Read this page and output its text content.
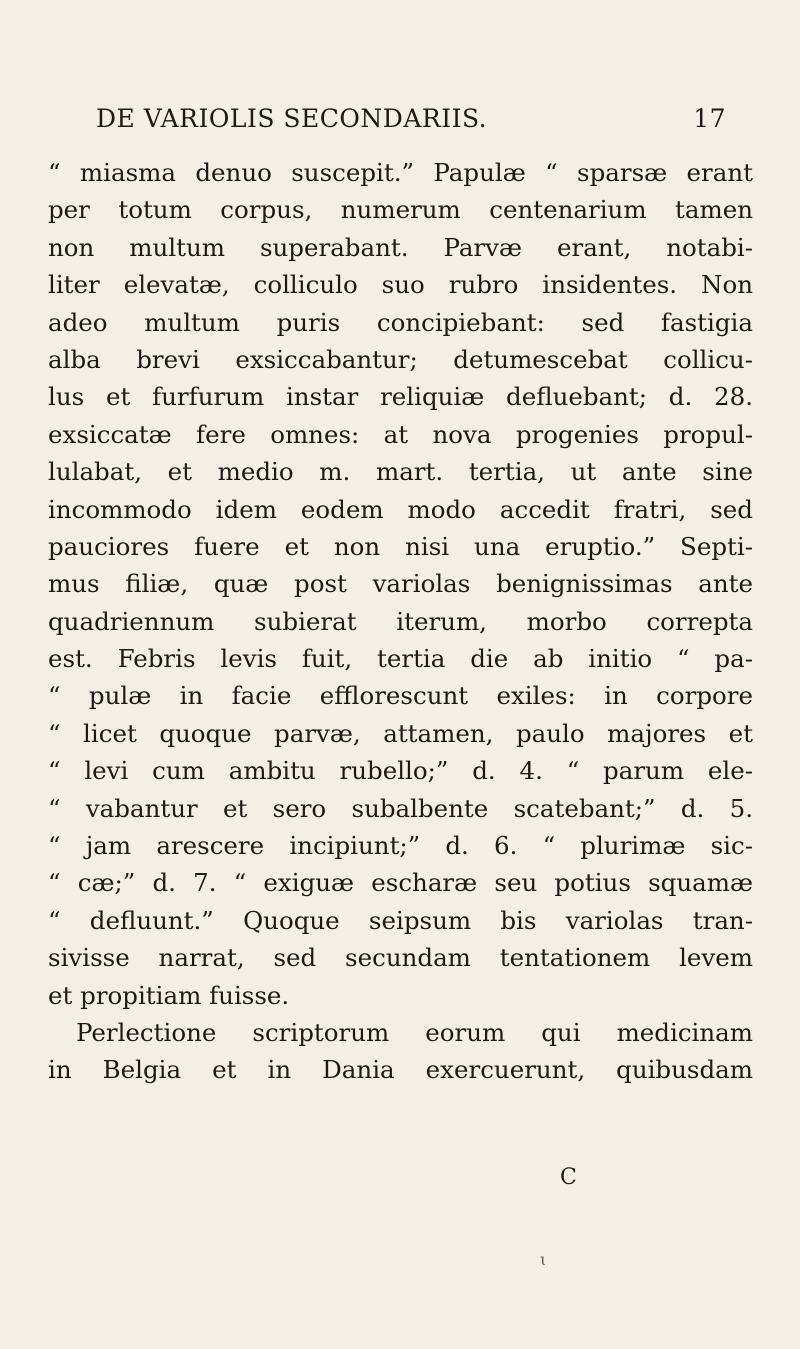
DE VARIOLIS SECONDARIIS.	17
“ miasma denuo suscepit.” Papulæ “ sparsæ erant
per totum corpus, numerum centenarium tamen
non multum superabant. Parvæ erant, notabi-
liter elevatæ, colliculo suo rubro insidentes. Non
adeo multum puris concipiebant: sed fastigia
alba brevi exsiccabantur; detumescebat collicu-
lus et furfurum instar reliquiæ defluebant; d. 28.
exsiccatæ fere omnes: at nova progenies propul-
lulabat, et medio m. mart. tertia, ut ante sine
incommodo idem eodem modo accedit fratri, sed
pauciores fuere et non nisi una eruptio.” Septi-
mus filiæ, quæ post variolas benignissimas ante
quadriennum subierat iterum, morbo correpta
est. Febris levis fuit, tertia die ab initio “ pa-
“ pulæ in facie efflorescunt exiles: in corpore
“ licet quoque parvæ, attamen, paulo majores et
“ levi cum ambitu rubello;” d. 4. “ parum ele-
“ vabantur et sero subalbente scatebant;” d. 5.
“ jam arescere incipiunt;” d. 6. “ plurimæ sic-
“ cæ;” d. 7. “ exiguæ escharæ seu potius squamæ
“ defluunt.” Quoque seipsum bis variolas tran-
sivisse narrat, sed secundam tentationem levem
et propitiam fuisse.
Perlectione scriptorum eorum qui medicinam
in Belgia et in Dania exercuerunt, quibusdam
C
ɩ
